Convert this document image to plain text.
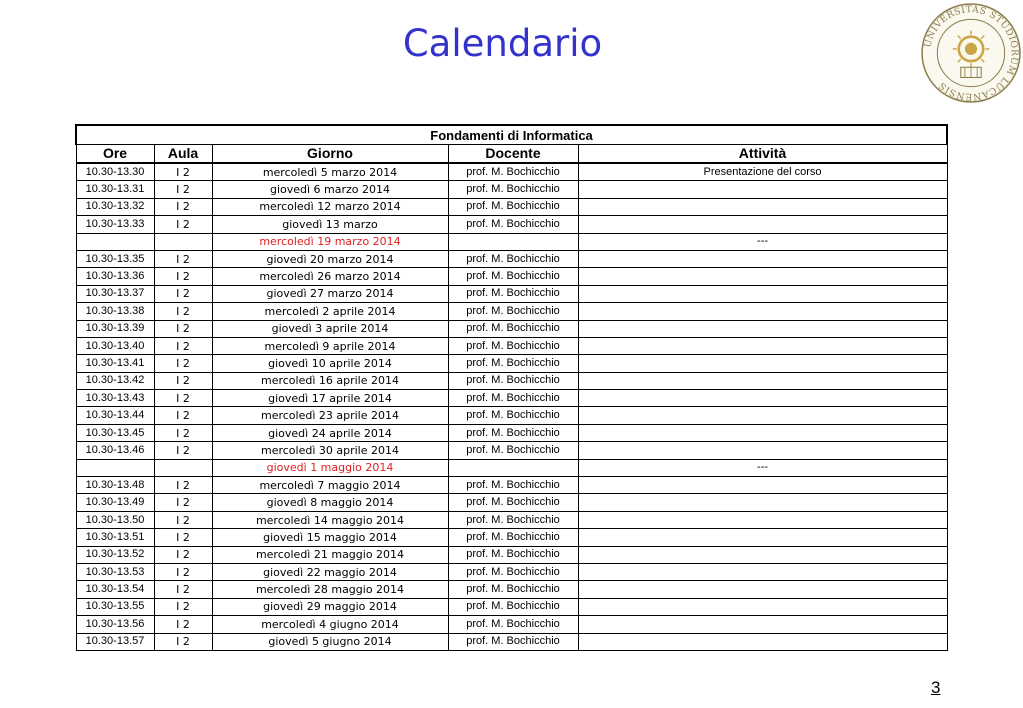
Calendario	UNIVERSITAS STUDIORUM LUCANENSIS
Fondamenti di Informatica				
Ore	Aula	Giorno	Docente	Attività
10.30-13.30	I 2	mercoledì 5 marzo 2014	prof. M. Bochicchio	Presentazione del corso
10.30-13.31	I 2	giovedì 6 marzo 2014	prof. M. Bochicchio	
10.30-13.32	I 2	mercoledì 12 marzo 2014	prof. M. Bochicchio	
10.30-13.33	I 2	giovedì 13 marzo	prof. M. Bochicchio	
		mercoledì 19 marzo 2014		---
10.30-13.35	I 2	giovedì 20 marzo 2014	prof. M. Bochicchio	
10.30-13.36	I 2	mercoledì 26 marzo 2014	prof. M. Bochicchio	
10.30-13.37	I 2	giovedì 27 marzo 2014	prof. M. Bochicchio	
10.30-13.38	I 2	mercoledì 2 aprile 2014	prof. M. Bochicchio	
10.30-13.39	I 2	giovedì 3 aprile 2014	prof. M. Bochicchio	
10.30-13.40	I 2	mercoledì 9 aprile 2014	prof. M. Bochicchio	
10.30-13.41	I 2	giovedì 10 aprile 2014	prof. M. Bochicchio	
10.30-13.42	I 2	mercoledì 16 aprile 2014	prof. M. Bochicchio	
10.30-13.43	I 2	giovedì 17 aprile 2014	prof. M. Bochicchio	
10.30-13.44	I 2	mercoledì 23 aprile 2014	prof. M. Bochicchio	
10.30-13.45	I 2	giovedì 24 aprile 2014	prof. M. Bochicchio	
10.30-13.46	I 2	mercoledì 30 aprile 2014	prof. M. Bochicchio	
		giovedì 1 maggio 2014		---
10.30-13.48	I 2	mercoledì 7 maggio 2014	prof. M. Bochicchio	
10.30-13.49	I 2	giovedì 8 maggio 2014	prof. M. Bochicchio	
10.30-13.50	I 2	mercoledì 14 maggio 2014	prof. M. Bochicchio	
10.30-13.51	I 2	giovedì 15 maggio 2014	prof. M. Bochicchio	
10.30-13.52	I 2	mercoledì 21 maggio 2014	prof. M. Bochicchio	
10.30-13.53	I 2	giovedì 22 maggio 2014	prof. M. Bochicchio	
10.30-13.54	I 2	mercoledì 28 maggio 2014	prof. M. Bochicchio	
10.30-13.55	I 2	giovedì 29 maggio 2014	prof. M. Bochicchio	
10.30-13.56	I 2	mercoledì 4 giugno 2014	prof. M. Bochicchio	
10.30-13.57	I 2	giovedì 5 giugno 2014	prof. M. Bochicchio	
3
